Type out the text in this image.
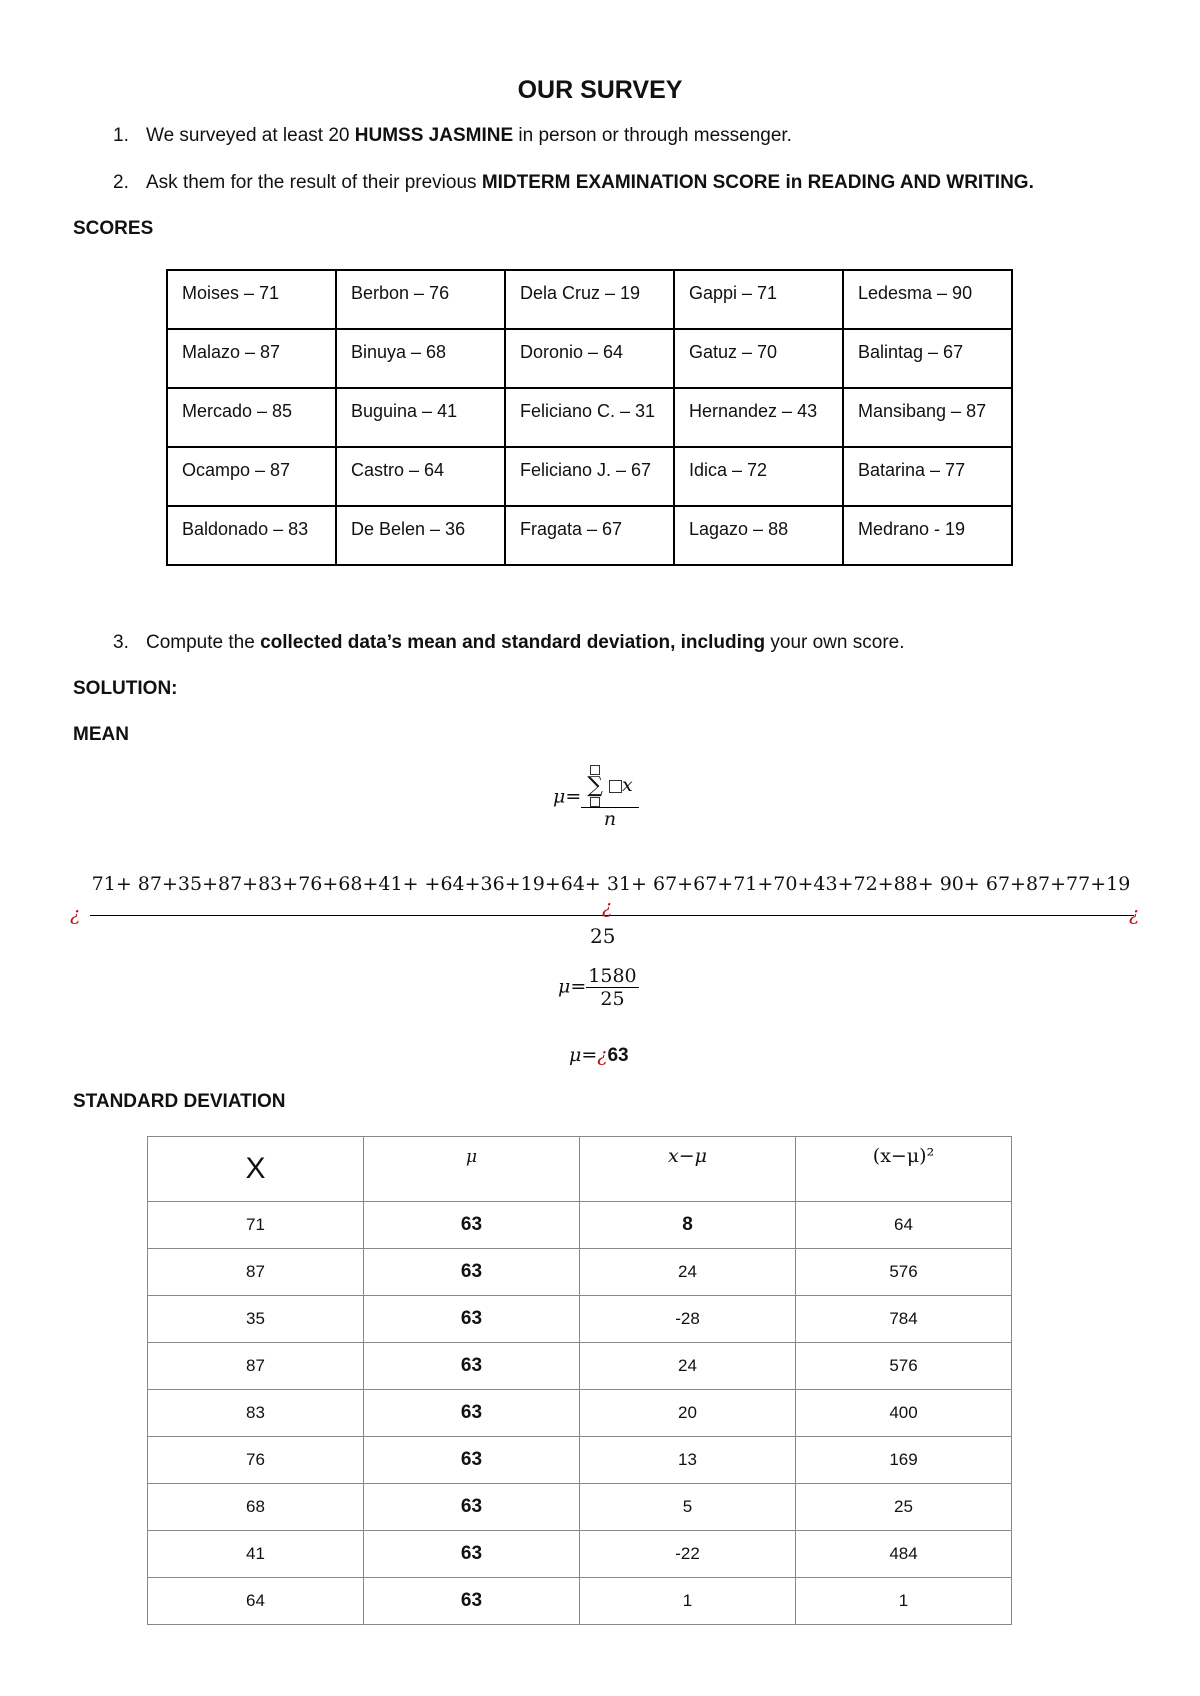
OUR SURVEY
1. We surveyed at least 20 HUMSS JASMINE in person or through messenger.
2. Ask them for the result of their previous MIDTERM EXAMINATION SCORE in READING AND WRITING.
SCORES
Moises – 71	Berbon – 76	Dela Cruz – 19	Gappi – 71	Ledesma – 90
Malazo – 87	Binuya – 68	Doronio – 64	Gatuz – 70	Balintag – 67
Mercado – 85	Buguina – 41	Feliciano C. – 31	Hernandez – 43	Mansibang – 87
Ocampo – 87	Castro – 64	Feliciano J. – 67	Idica – 72	Batarina – 77
Baldonado – 83	De Belen – 36	Fragata – 67	Lagazo – 88	Medrano - 19
3. Compute the collected data’s mean and standard deviation, including your own score.
SOLUTION:
MEAN
$\mu= \frac{\sum x}{n}$
71+ 87+35+87+83+76+68+41+ +64+36+19+64+ 31+ 67+67+71+70+43+72+88+ 90+ 67+87+77+19
¿	¿	¿
25
$\mu= \frac{1580}{25}$
μ=¿63
STANDARD DEVIATION
X	μ	x−μ	(x−μ)²
71	63	8	64
87	63	24	576
35	63	-28	784
87	63	24	576
83	63	20	400
76	63	13	169
68	63	5	25
41	63	-22	484
64	63	1	1
